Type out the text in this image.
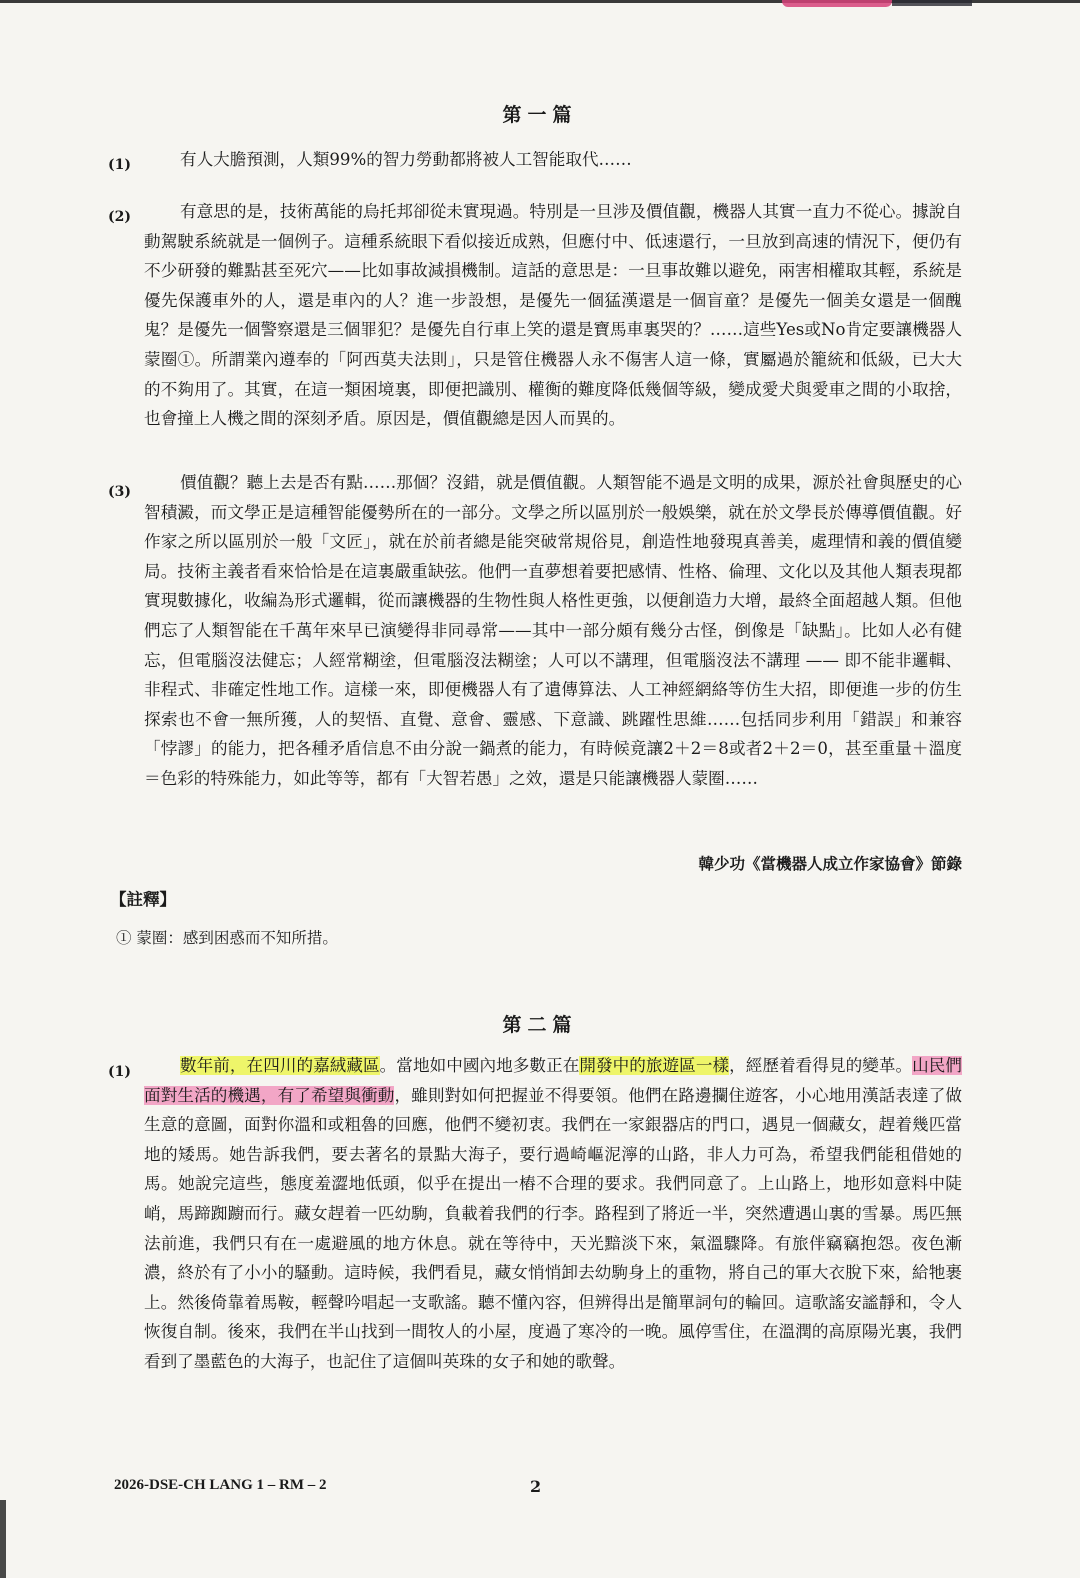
第一篇
(1)	有人大膽預測，人類99%的智力勞動都將被人工智能取代……
(2)	有意思的是，技術萬能的烏托邦卻從未實現過。特別是一旦涉及價值觀，機器人其實一直力不從心。據說自動駕駛系統就是一個例子。這種系統眼下看似接近成熟，但應付中、低速還行，一旦放到高速的情況下，便仍有不少研發的難點甚至死穴——比如事故減損機制。這話的意思是：一旦事故難以避免，兩害相權取其輕，系統是優先保護車外的人，還是車內的人？進一步設想，是優先一個猛漢還是一個盲童？是優先一個美女還是一個醜鬼？是優先一個警察還是三個罪犯？是優先自行車上笑的還是寶馬車裏哭的？……這些Yes或No肯定要讓機器人蒙圈①。所謂業內遵奉的「阿西莫夫法則」，只是管住機器人永不傷害人這一條，實屬過於籠統和低級，已大大的不夠用了。其實，在這一類困境裏，即便把識別、權衡的難度降低幾個等級，變成愛犬與愛車之間的小取捨，也會撞上人機之間的深刻矛盾。原因是，價值觀總是因人而異的。
(3)	價值觀？聽上去是否有點……那個？沒錯，就是價值觀。人類智能不過是文明的成果，源於社會與歷史的心智積澱，而文學正是這種智能優勢所在的一部分。文學之所以區別於一般娛樂，就在於文學長於傳導價值觀。好作家之所以區別於一般「文匠」，就在於前者總是能突破常規俗見，創造性地發現真善美，處理情和義的價值變局。技術主義者看來恰恰是在這裏嚴重缺弦。他們一直夢想着要把感情、性格、倫理、文化以及其他人類表現都實現數據化，收編為形式邏輯，從而讓機器的生物性與人格性更強，以便創造力大增，最終全面超越人類。但他們忘了人類智能在千萬年來早已演變得非同尋常——其中一部分頗有幾分古怪，倒像是「缺點」。比如人必有健忘，但電腦沒法健忘；人經常糊塗，但電腦沒法糊塗；人可以不講理，但電腦沒法不講理 —— 即不能非邏輯、非程式、非確定性地工作。這樣一來，即便機器人有了遺傳算法、人工神經網絡等仿生大招，即便進一步的仿生探索也不會一無所獲，人的契悟、直覺、意會、靈感、下意識、跳躍性思維……包括同步利用「錯誤」和兼容「悖謬」的能力，把各種矛盾信息不由分說一鍋煮的能力，有時候竟讓2＋2＝8或者2＋2＝0，甚至重量＋溫度＝色彩的特殊能力，如此等等，都有「大智若愚」之效，還是只能讓機器人蒙圈……
韓少功《當機器人成立作家協會》節錄
【註釋】
① 蒙圈：感到困惑而不知所措。
第二篇
(1)	數年前，在四川的嘉絨藏區。當地如中國內地多數正在開發中的旅遊區一樣，經歷着看得見的變革。山民們面對生活的機遇，有了希望與衝動，雖則對如何把握並不得要領。他們在路邊攔住遊客，小心地用漢話表達了做生意的意圖，面對你溫和或粗魯的回應，他們不變初衷。我們在一家銀器店的門口，遇見一個藏女，趕着幾匹當地的矮馬。她告訴我們，要去著名的景點大海子，要行過崎嶇泥濘的山路，非人力可為，希望我們能租借她的馬。她說完這些，態度羞澀地低頭，似乎在提出一樁不合理的要求。我們同意了。上山路上，地形如意料中陡峭，馬蹄踟躕而行。藏女趕着一匹幼駒，負載着我們的行李。路程到了將近一半，突然遭遇山裏的雪暴。馬匹無法前進，我們只有在一處避風的地方休息。就在等待中，天光黯淡下來，氣溫驟降。有旅伴竊竊抱怨。夜色漸濃，終於有了小小的騷動。這時候，我們看見，藏女悄悄卸去幼駒身上的重物，將自己的軍大衣脫下來，給牠裹上。然後倚靠着馬鞍，輕聲吟唱起一支歌謠。聽不懂內容，但辨得出是簡單詞句的輪回。這歌謠安謐靜和，令人恢復自制。後來，我們在半山找到一間牧人的小屋，度過了寒冷的一晚。風停雪住，在溫潤的高原陽光裏，我們看到了墨藍色的大海子，也記住了這個叫英珠的女子和她的歌聲。
2026-DSE-CH LANG 1 – RM – 2	2
